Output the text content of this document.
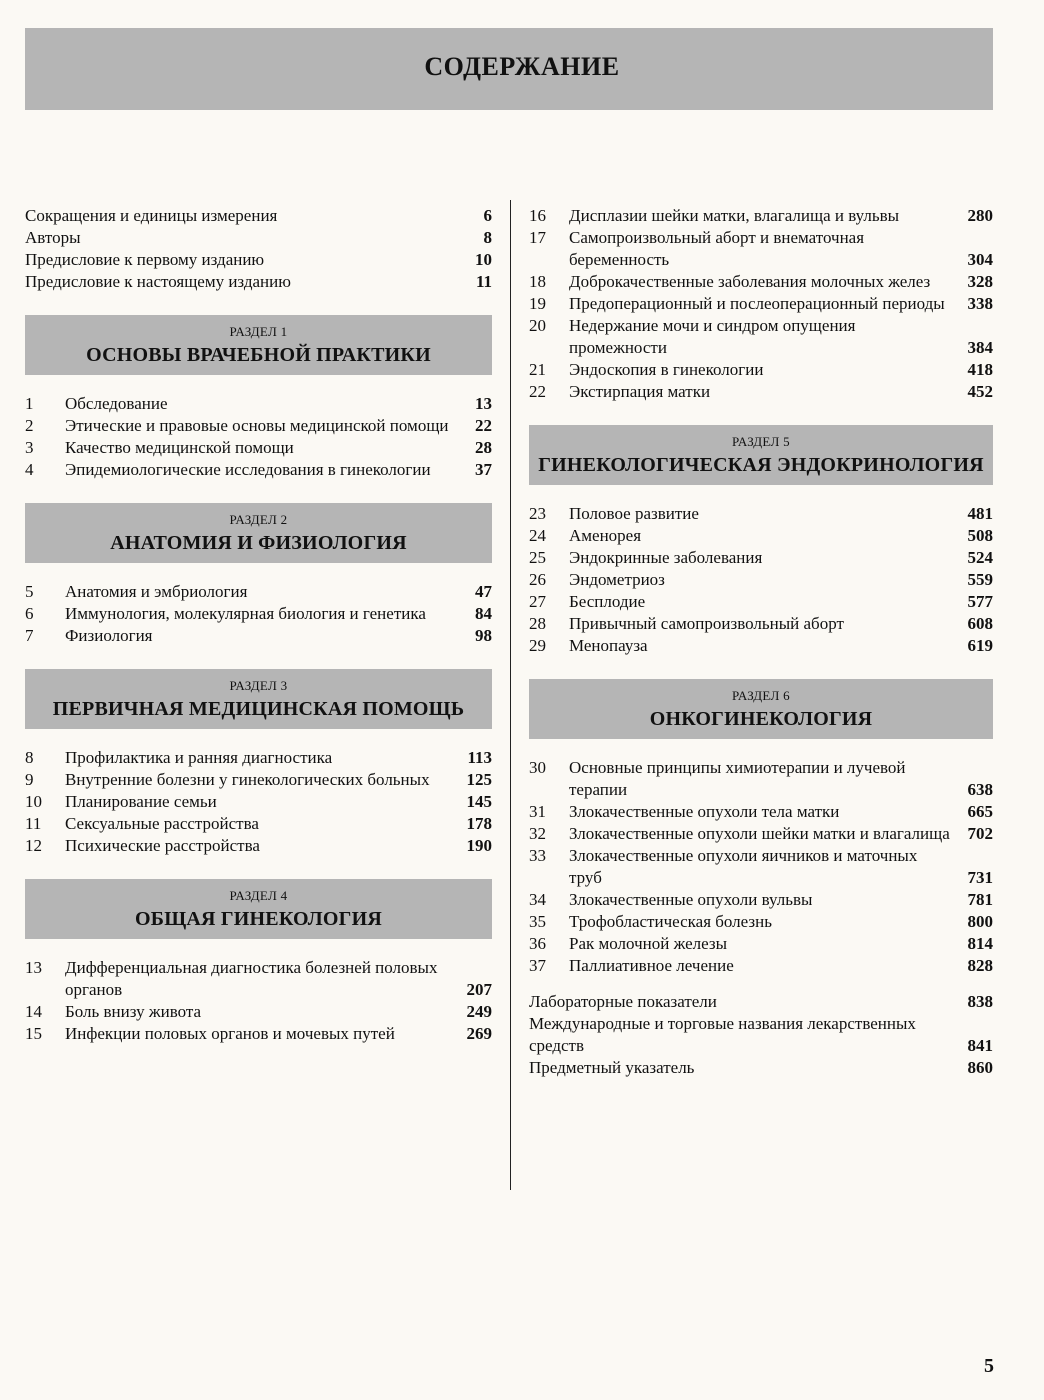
СОДЕРЖАНИЕ
Сокращения и единицы измерения	6
Авторы	8
Предисловие к первому изданию	10
Предисловие к настоящему изданию	11
РАЗДЕЛ 1
ОСНОВЫ ВРАЧЕБНОЙ ПРАКТИКИ
1	Обследование	13
2	Этические и правовые основы медицинской помощи	22
3	Качество медицинской помощи	28
4	Эпидемиологические исследования в гинекологии	37
РАЗДЕЛ 2
АНАТОМИЯ И ФИЗИОЛОГИЯ
5	Анатомия и эмбриология	47
6	Иммунология, молекулярная биология и генетика	84
7	Физиология	98
РАЗДЕЛ 3
ПЕРВИЧНАЯ МЕДИЦИНСКАЯ ПОМОЩЬ
8	Профилактика и ранняя диагностика	113
9	Внутренние болезни у гинекологических больных	125
10	Планирование семьи	145
11	Сексуальные расстройства	178
12	Психические расстройства	190
РАЗДЕЛ 4
ОБЩАЯ ГИНЕКОЛОГИЯ
13	Дифференциальная диагностика болезней половых органов	207
14	Боль внизу живота	249
15	Инфекции половых органов и мочевых путей	269
16	Дисплазии шейки матки, влагалища и вульвы	280
17	Самопроизвольный аборт и внематочная беременность	304
18	Доброкачественные заболевания молочных желез	328
19	Предоперационный и послеоперационный периоды	338
20	Недержание мочи и синдром опущения промежности	384
21	Эндоскопия в гинекологии	418
22	Экстирпация матки	452
РАЗДЕЛ 5
ГИНЕКОЛОГИЧЕСКАЯ ЭНДОКРИНОЛОГИЯ
23	Половое развитие	481
24	Аменорея	508
25	Эндокринные заболевания	524
26	Эндометриоз	559
27	Бесплодие	577
28	Привычный самопроизвольный аборт	608
29	Менопауза	619
РАЗДЕЛ 6
ОНКОГИНЕКОЛОГИЯ
30	Основные принципы химиотерапии и лучевой терапии	638
31	Злокачественные опухоли тела матки	665
32	Злокачественные опухоли шейки матки и влагалища	702
33	Злокачественные опухоли яичников и маточных труб	731
34	Злокачественные опухоли вульвы	781
35	Трофобластическая болезнь	800
36	Рак молочной железы	814
37	Паллиативное лечение	828
Лабораторные показатели	838
Международные и торговые названия лекарственных средств	841
Предметный указатель	860
5
